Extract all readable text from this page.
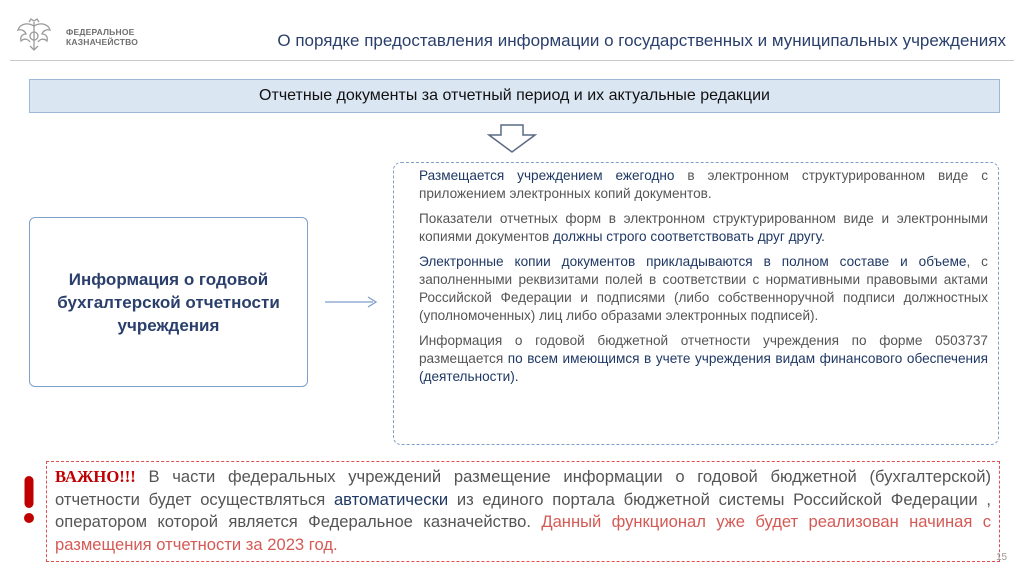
ФЕДЕРАЛЬНОЕ
КАЗНАЧЕЙСТВО	О порядке предоставления информации о государственных и муниципальных учреждениях
Отчетные документы за отчетный период и их актуальные редакции
Информация о годовой бухгалтерской отчетности учреждения

Размещается учреждением ежегодно в электронном структурированном виде с приложением электронных копий документов.

Показатели отчетных форм в электронном структурированном виде и электронными копиями документов должны строго соответствовать друг другу.

Электронные копии документов прикладываются в полном составе и объеме, с заполненными реквизитами полей в соответствии с нормативными правовыми актами Российской Федерации и подписями (либо собственноручной подписи должностных (уполномоченных) лиц либо образами электронных подписей).

Информация о годовой бюджетной отчетности учреждения по форме 0503737 размещается по всем имеющимся в учете учреждения видам финансового обеспечения (деятельности).

ВАЖНО!!! В части федеральных учреждений размещение информации о годовой бюджетной (бухгалтерской) отчетности будет осуществляться автоматически из единого портала бюджетной системы Российской Федерации , оператором которой является Федеральное казначейство. Данный функционал уже будет реализован начиная с размещения отчетности за 2023 год.

15
